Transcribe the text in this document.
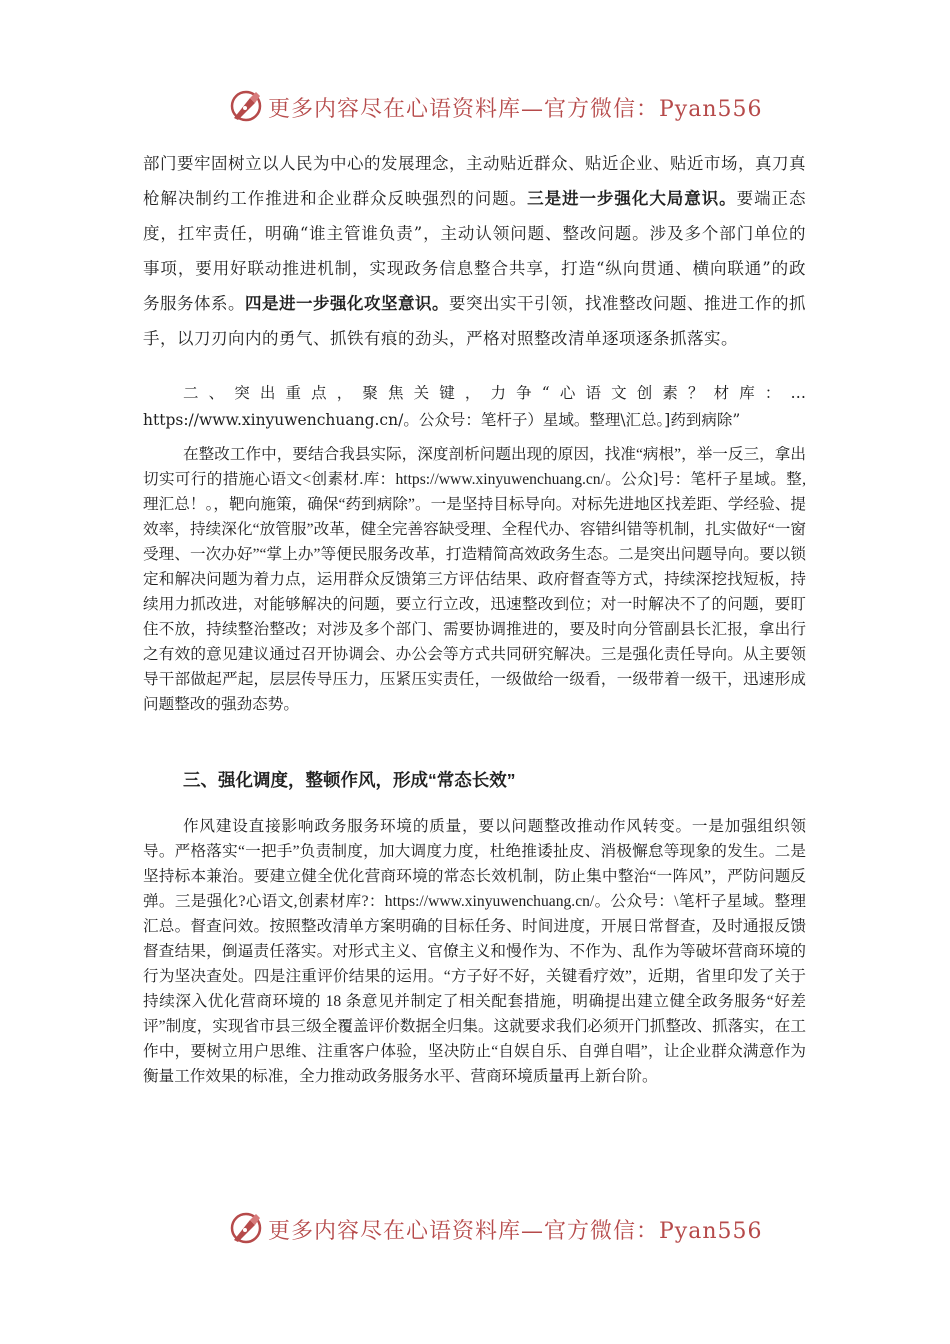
更多内容尽在心语资料库—官方微信：Pyan556

部门要牢固树立以人民为中心的发展理念，主动贴近群众、贴近企业、贴近市场，真刀真枪解决制约工作推进和企业群众反映强烈的问题。三是进一步强化大局意识。要端正态度，扛牢责任，明确“谁主管谁负责”，主动认领问题、整改问题。涉及多个部门单位的事项，要用好联动推进机制，实现政务信息整合共享，打造“纵向贯通、横向联通”的政务服务体系。四是进一步强化攻坚意识。要突出实干引领，找准整改问题、推进工作的抓手，以刀刃向内的勇气、抓铁有痕的劲头，严格对照整改清单逐项逐条抓落实。

二、突出重点，聚焦关键，力争“心语文创素？材库：… https://www.xinyuwenchuang.cn/。公众号：笔杆子）星域。整理\汇总。]药到病除”

在整改工作中，要结合我县实际，深度剖析问题出现的原因，找准“病根”，举一反三，拿出切实可行的措施心语文<创素材.库：https://www.xinyuwenchuang.cn/。公众]号：笔杆子星域。整,理汇总！。，靶向施策，确保“药到病除”。一是坚持目标导向。对标先进地区找差距、学经验、提效率，持续深化“放管服”改革，健全完善容缺受理、全程代办、容错纠错等机制，扎实做好“一窗受理、一次办好”“掌上办”等便民服务改革，打造精简高效政务生态。二是突出问题导向。要以锁定和解决问题为着力点，运用群众反馈第三方评估结果、政府督查等方式，持续深挖找短板，持续用力抓改进，对能够解决的问题，要立行立改，迅速整改到位；对一时解决不了的问题，要盯住不放，持续整治整改；对涉及多个部门、需要协调推进的，要及时向分管副县长汇报，拿出行之有效的意见建议通过召开协调会、办公会等方式共同研究解决。三是强化责任导向。从主要领导干部做起严起，层层传导压力，压紧压实责任，一级做给一级看，一级带着一级干，迅速形成问题整改的强劲态势。

三、强化调度，整顿作风，形成“常态长效”

作风建设直接影响政务服务环境的质量，要以问题整改推动作风转变。一是加强组织领导。严格落实“一把手”负责制度，加大调度力度，杜绝推诿扯皮、消极懈怠等现象的发生。二是坚持标本兼治。要建立健全优化营商环境的常态长效机制，防止集中整治“一阵风”，严防问题反弹。三是强化?心语文,创素材库?：https://www.xinyuwenchuang.cn/。公众号：\笔杆子星域。整理汇总。督查问效。按照整改清单方案明确的目标任务、时间进度，开展日常督查，及时通报反馈督查结果，倒逼责任落实。对形式主义、官僚主义和慢作为、不作为、乱作为等破坏营商环境的行为坚决查处。四是注重评价结果的运用。“方子好不好，关键看疗效”，近期，省里印发了关于持续深入优化营商环境的 18 条意见并制定了相关配套措施，明确提出建立健全政务服务“好差评”制度，实现省市县三级全覆盖评价数据全归集。这就要求我们必须开门抓整改、抓落实，在工作中，要树立用户思维、注重客户体验，坚决防止“自娱自乐、自弹自唱”，让企业群众满意作为衡量工作效果的标准，全力推动政务服务水平、营商环境质量再上新台阶。

更多内容尽在心语资料库—官方微信：Pyan556
